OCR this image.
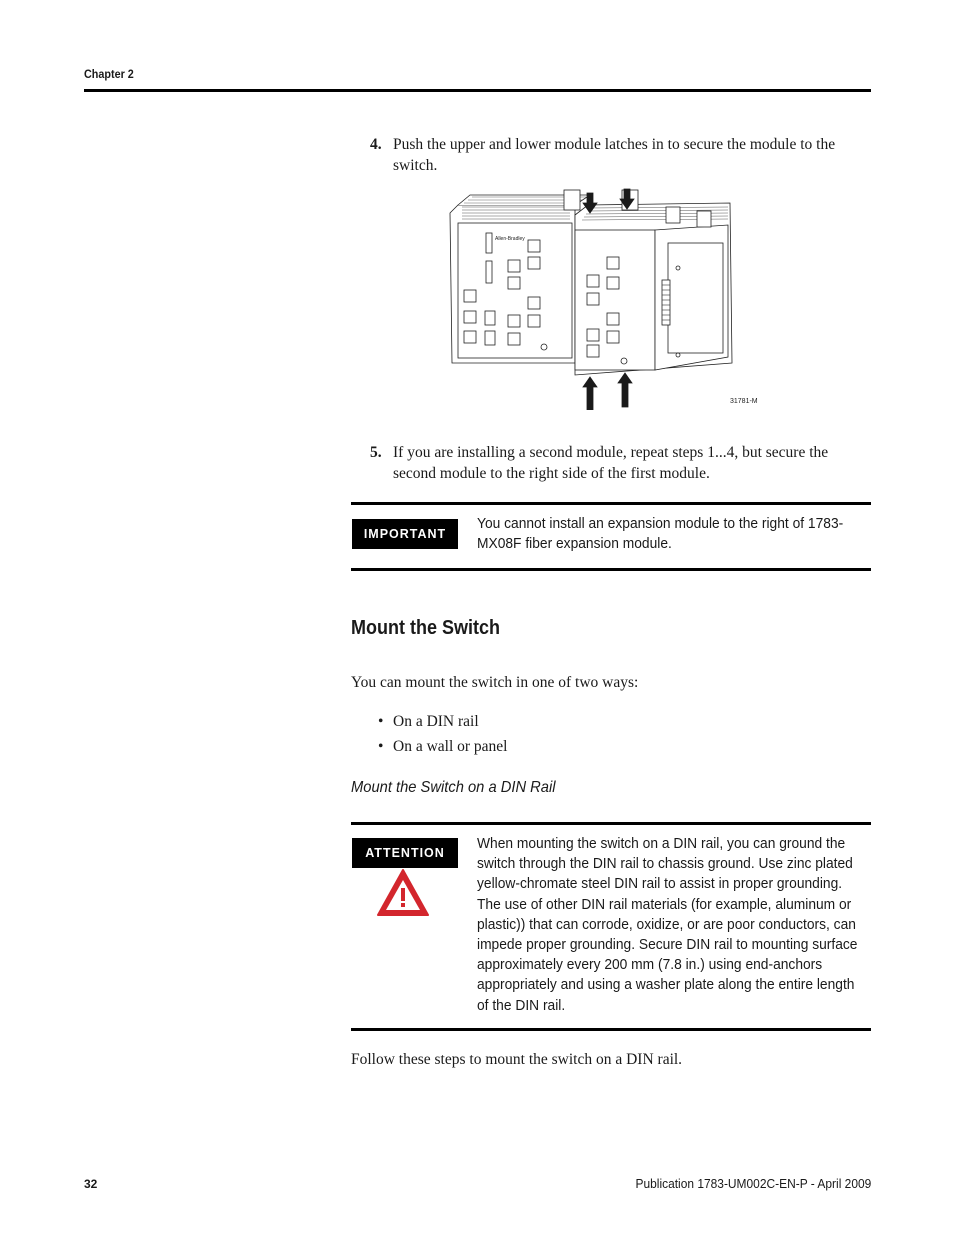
Chapter 2
4. Push the upper and lower module latches in to secure the module to the switch.
Allen-Bradley
31781-M
5. If you are installing a second module, repeat steps 1...4, but secure the second module to the right side of the first module.
IMPORTANT
You cannot install an expansion module to the right of 1783-MX08F fiber expansion module.
Mount the Switch
You can mount the switch in one of two ways:
• On a DIN rail
• On a wall or panel
Mount the Switch on a DIN Rail
ATTENTION
When mounting the switch on a DIN rail, you can ground the switch through the DIN rail to chassis ground. Use zinc plated yellow-chromate steel DIN rail to assist in proper grounding. The use of other DIN rail materials (for example, aluminum or plastic)) that can corrode, oxidize, or are poor conductors, can impede proper grounding. Secure DIN rail to mounting surface approximately every 200 mm (7.8 in.) using end-anchors appropriately and using a washer plate along the entire length of the DIN rail.
Follow these steps to mount the switch on a DIN rail.
32	Publication 1783-UM002C-EN-P - April 2009
